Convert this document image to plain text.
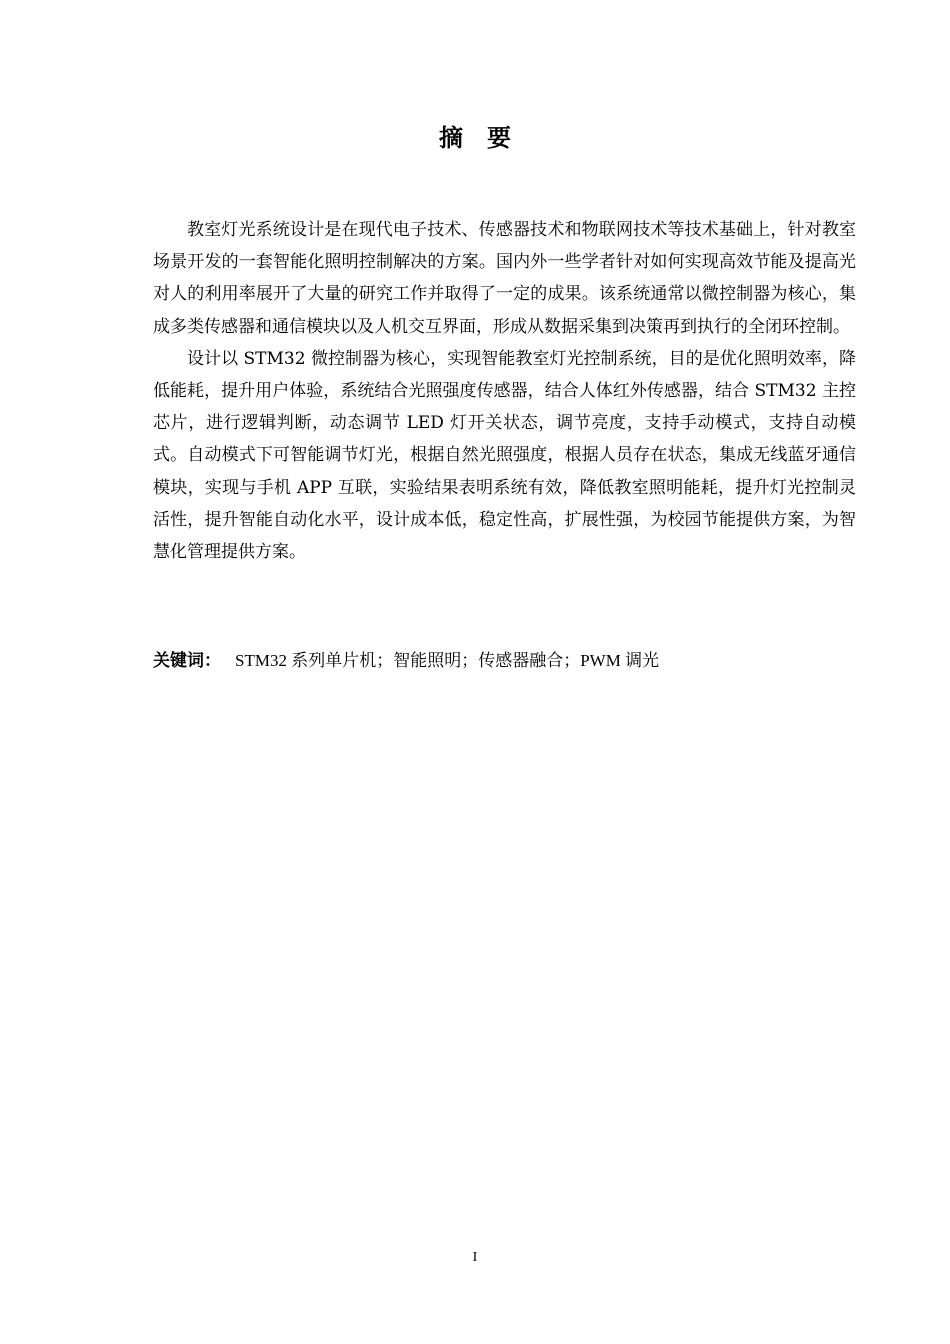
摘要

教室灯光系统设计是在现代电子技术、传感器技术和物联网技术等技术基础上，针对教室场景开发的一套智能化照明控制解决的方案。国内外一些学者针对如何实现高效节能及提高光对人的利用率展开了大量的研究工作并取得了一定的成果。该系统通常以微控制器为核心，集成多类传感器和通信模块以及人机交互界面，形成从数据采集到决策再到执行的全闭环控制。

设计以 STM32 微控制器为核心，实现智能教室灯光控制系统，目的是优化照明效率，降低能耗，提升用户体验，系统结合光照强度传感器，结合人体红外传感器，结合 STM32 主控芯片，进行逻辑判断，动态调节 LED 灯开关状态，调节亮度，支持手动模式，支持自动模式。自动模式下可智能调节灯光，根据自然光照强度，根据人员存在状态，集成无线蓝牙通信模块，实现与手机 APP 互联，实验结果表明系统有效，降低教室照明能耗，提升灯光控制灵活性，提升智能自动化水平，设计成本低，稳定性高，扩展性强，为校园节能提供方案，为智慧化管理提供方案。

关键词： STM32 系列单片机；智能照明；传感器融合；PWM 调光
I
